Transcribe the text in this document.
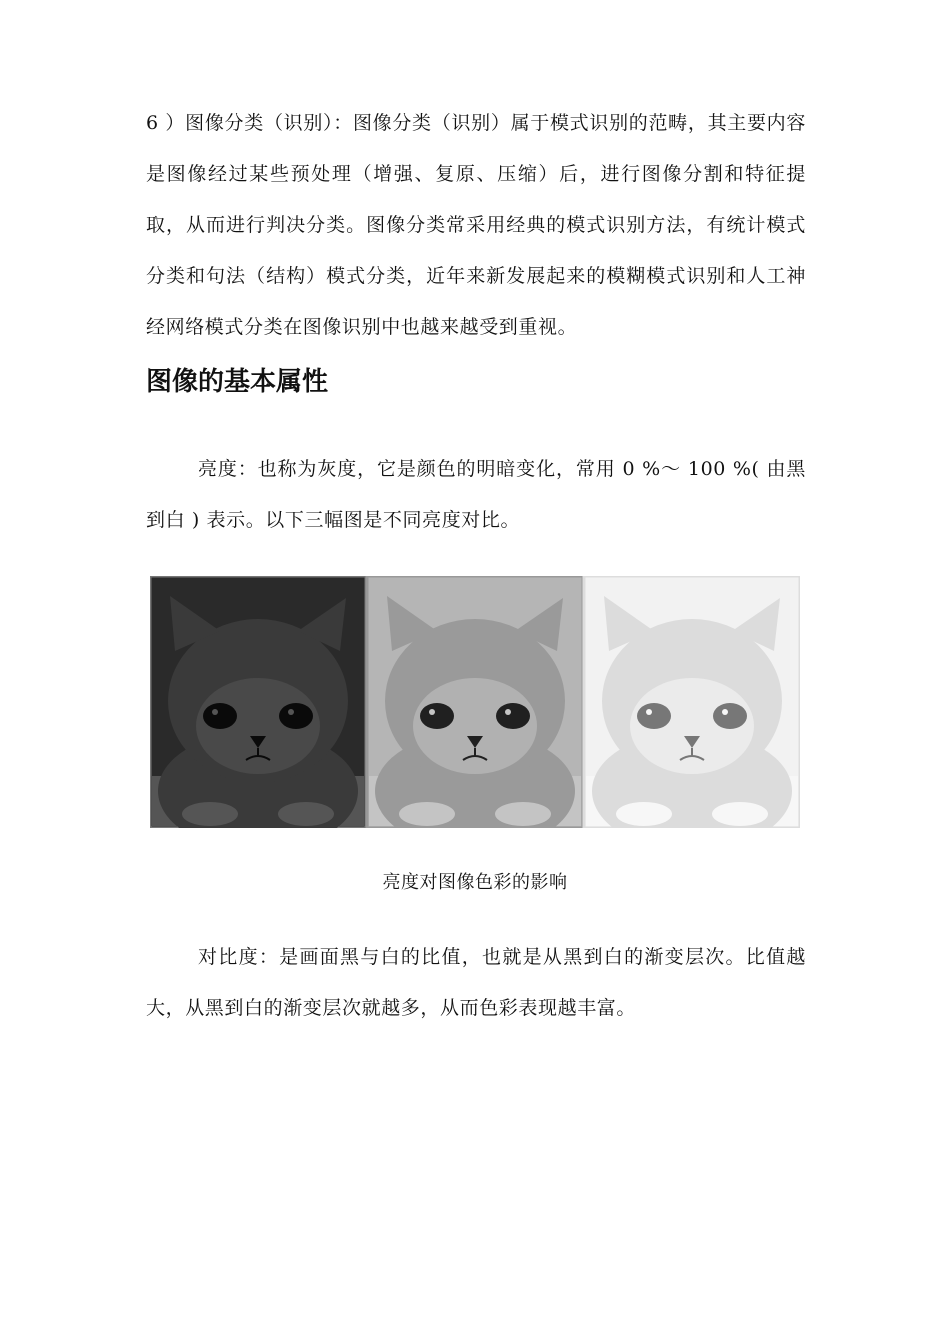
6 ）图像分类（识别）：图像分类（识别）属于模式识别的范畴，其主要内容是图像经过某些预处理（增强、复原、压缩）后，进行图像分割和特征提取，从而进行判决分类。图像分类常采用经典的模式识别方法，有统计模式分类和句法（结构）模式分类，近年来新发展起来的模糊模式识别和人工神经网络模式分类在图像识别中也越来越受到重视。

图像的基本属性

亮度：也称为灰度，它是颜色的明暗变化，常用 0 %～ 100 %( 由黑到白 ) 表示。以下三幅图是不同亮度对比。

亮度对图像色彩的影响

对比度：是画面黑与白的比值，也就是从黑到白的渐变层次。比值越大，从黑到白的渐变层次就越多，从而色彩表现越丰富。
